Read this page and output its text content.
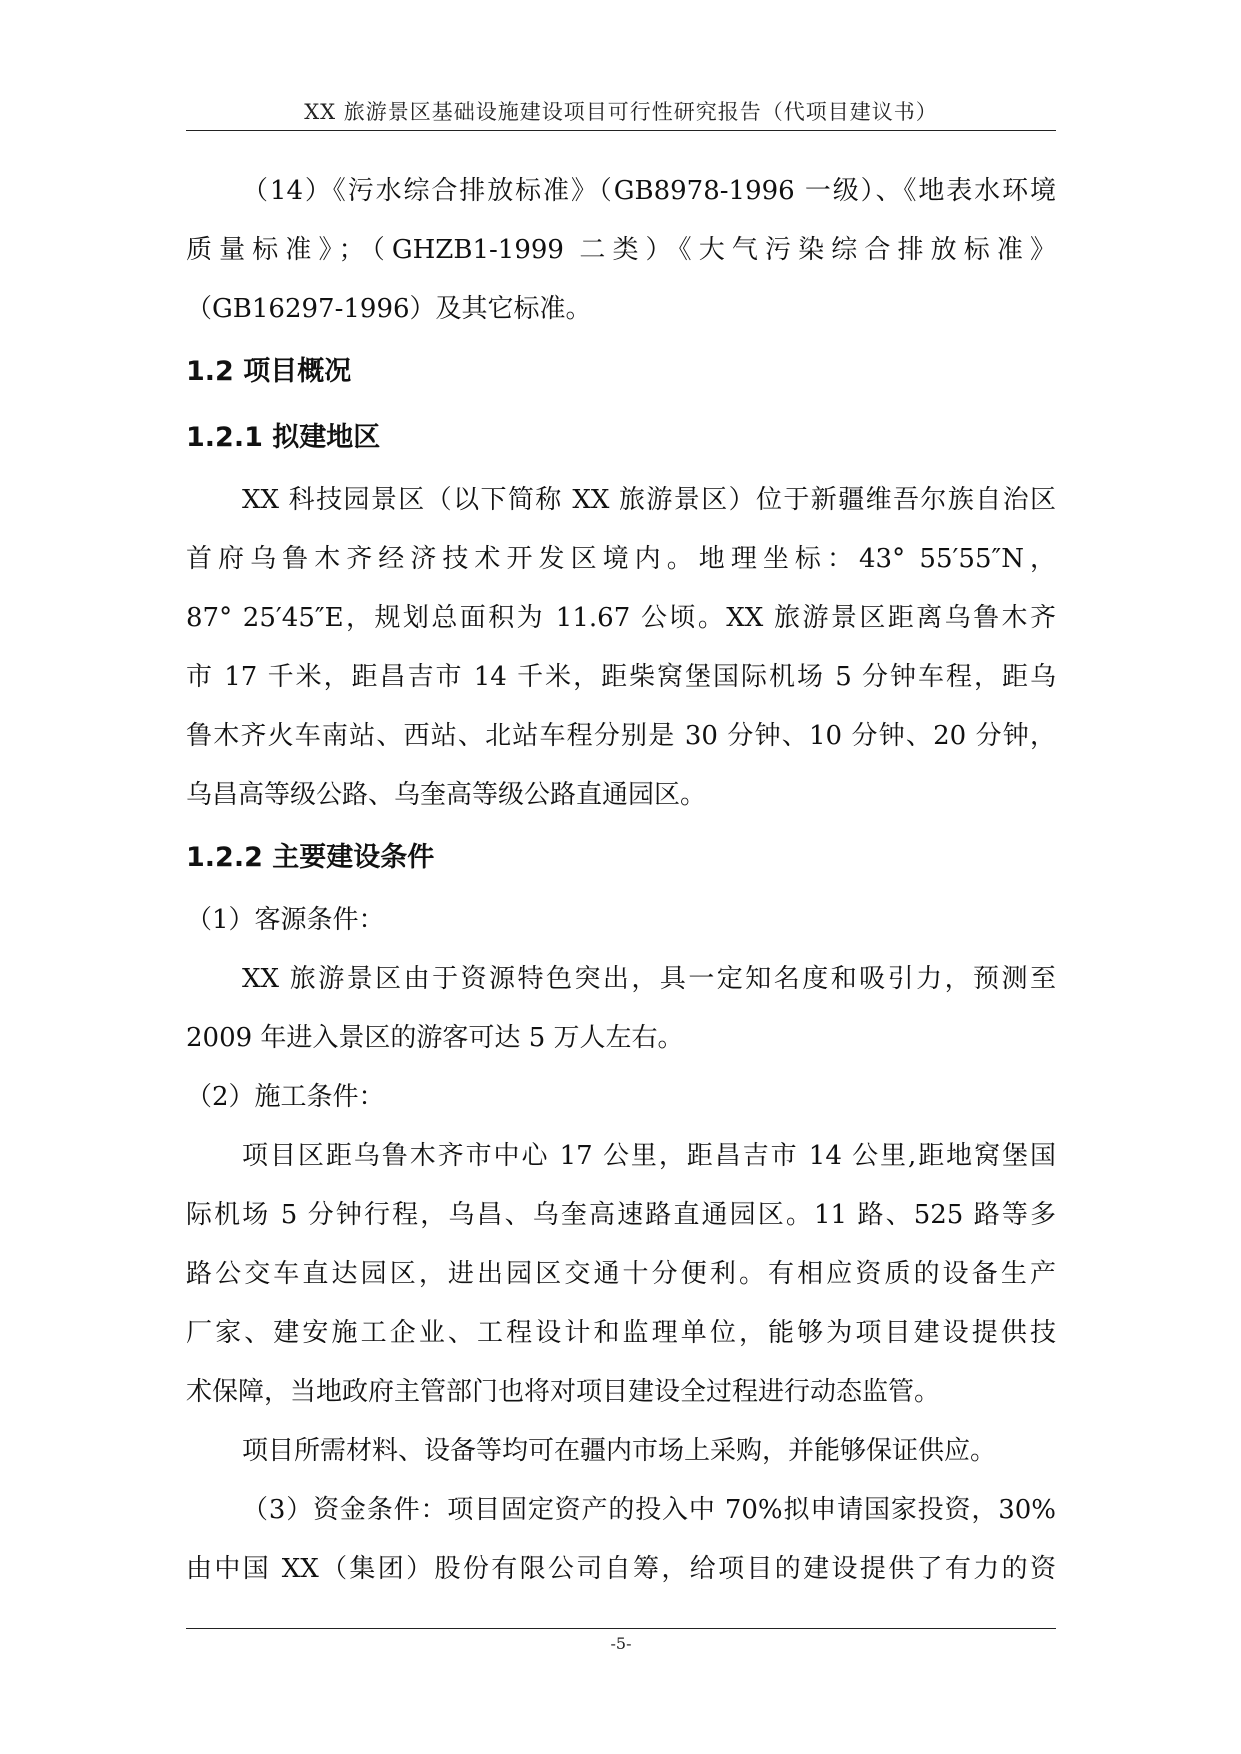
XX 旅游景区基础设施建设项目可行性研究报告（代项目建议书）
（14）《污水综合排放标准》（GB8978-1996 一级）、《地表水环境
质量标准》；（GHZB1-1999 二类）《大气污染综合排放标准》
（GB16297-1996）及其它标准。
1.2 项目概况
1.2.1 拟建地区
XX 科技园景区（以下简称 XX 旅游景区）位于新疆维吾尔族自治区
首府乌鲁木齐经济技术开发区境内。地理坐标：43° 55′55″N，
87° 25′45″E，规划总面积为 11.67 公顷。XX 旅游景区距离乌鲁木齐
市 17 千米，距昌吉市 14 千米，距柴窝堡国际机场 5 分钟车程，距乌
鲁木齐火车南站、西站、北站车程分别是 30 分钟、10 分钟、20 分钟，
乌昌高等级公路、乌奎高等级公路直通园区。
1.2.2 主要建设条件
（1）客源条件：
XX 旅游景区由于资源特色突出，具一定知名度和吸引力，预测至
2009 年进入景区的游客可达 5 万人左右。
（2）施工条件：
项目区距乌鲁木齐市中心 17 公里，距昌吉市 14 公里,距地窝堡国
际机场 5 分钟行程，乌昌、乌奎高速路直通园区。11 路、525 路等多
路公交车直达园区，进出园区交通十分便利。有相应资质的设备生产
厂家、建安施工企业、工程设计和监理单位，能够为项目建设提供技
术保障，当地政府主管部门也将对项目建设全过程进行动态监管。
项目所需材料、设备等均可在疆内市场上采购，并能够保证供应。
（3）资金条件：项目固定资产的投入中 70%拟申请国家投资，30%
由中国 XX（集团）股份有限公司自筹，给项目的建设提供了有力的资
-5-
